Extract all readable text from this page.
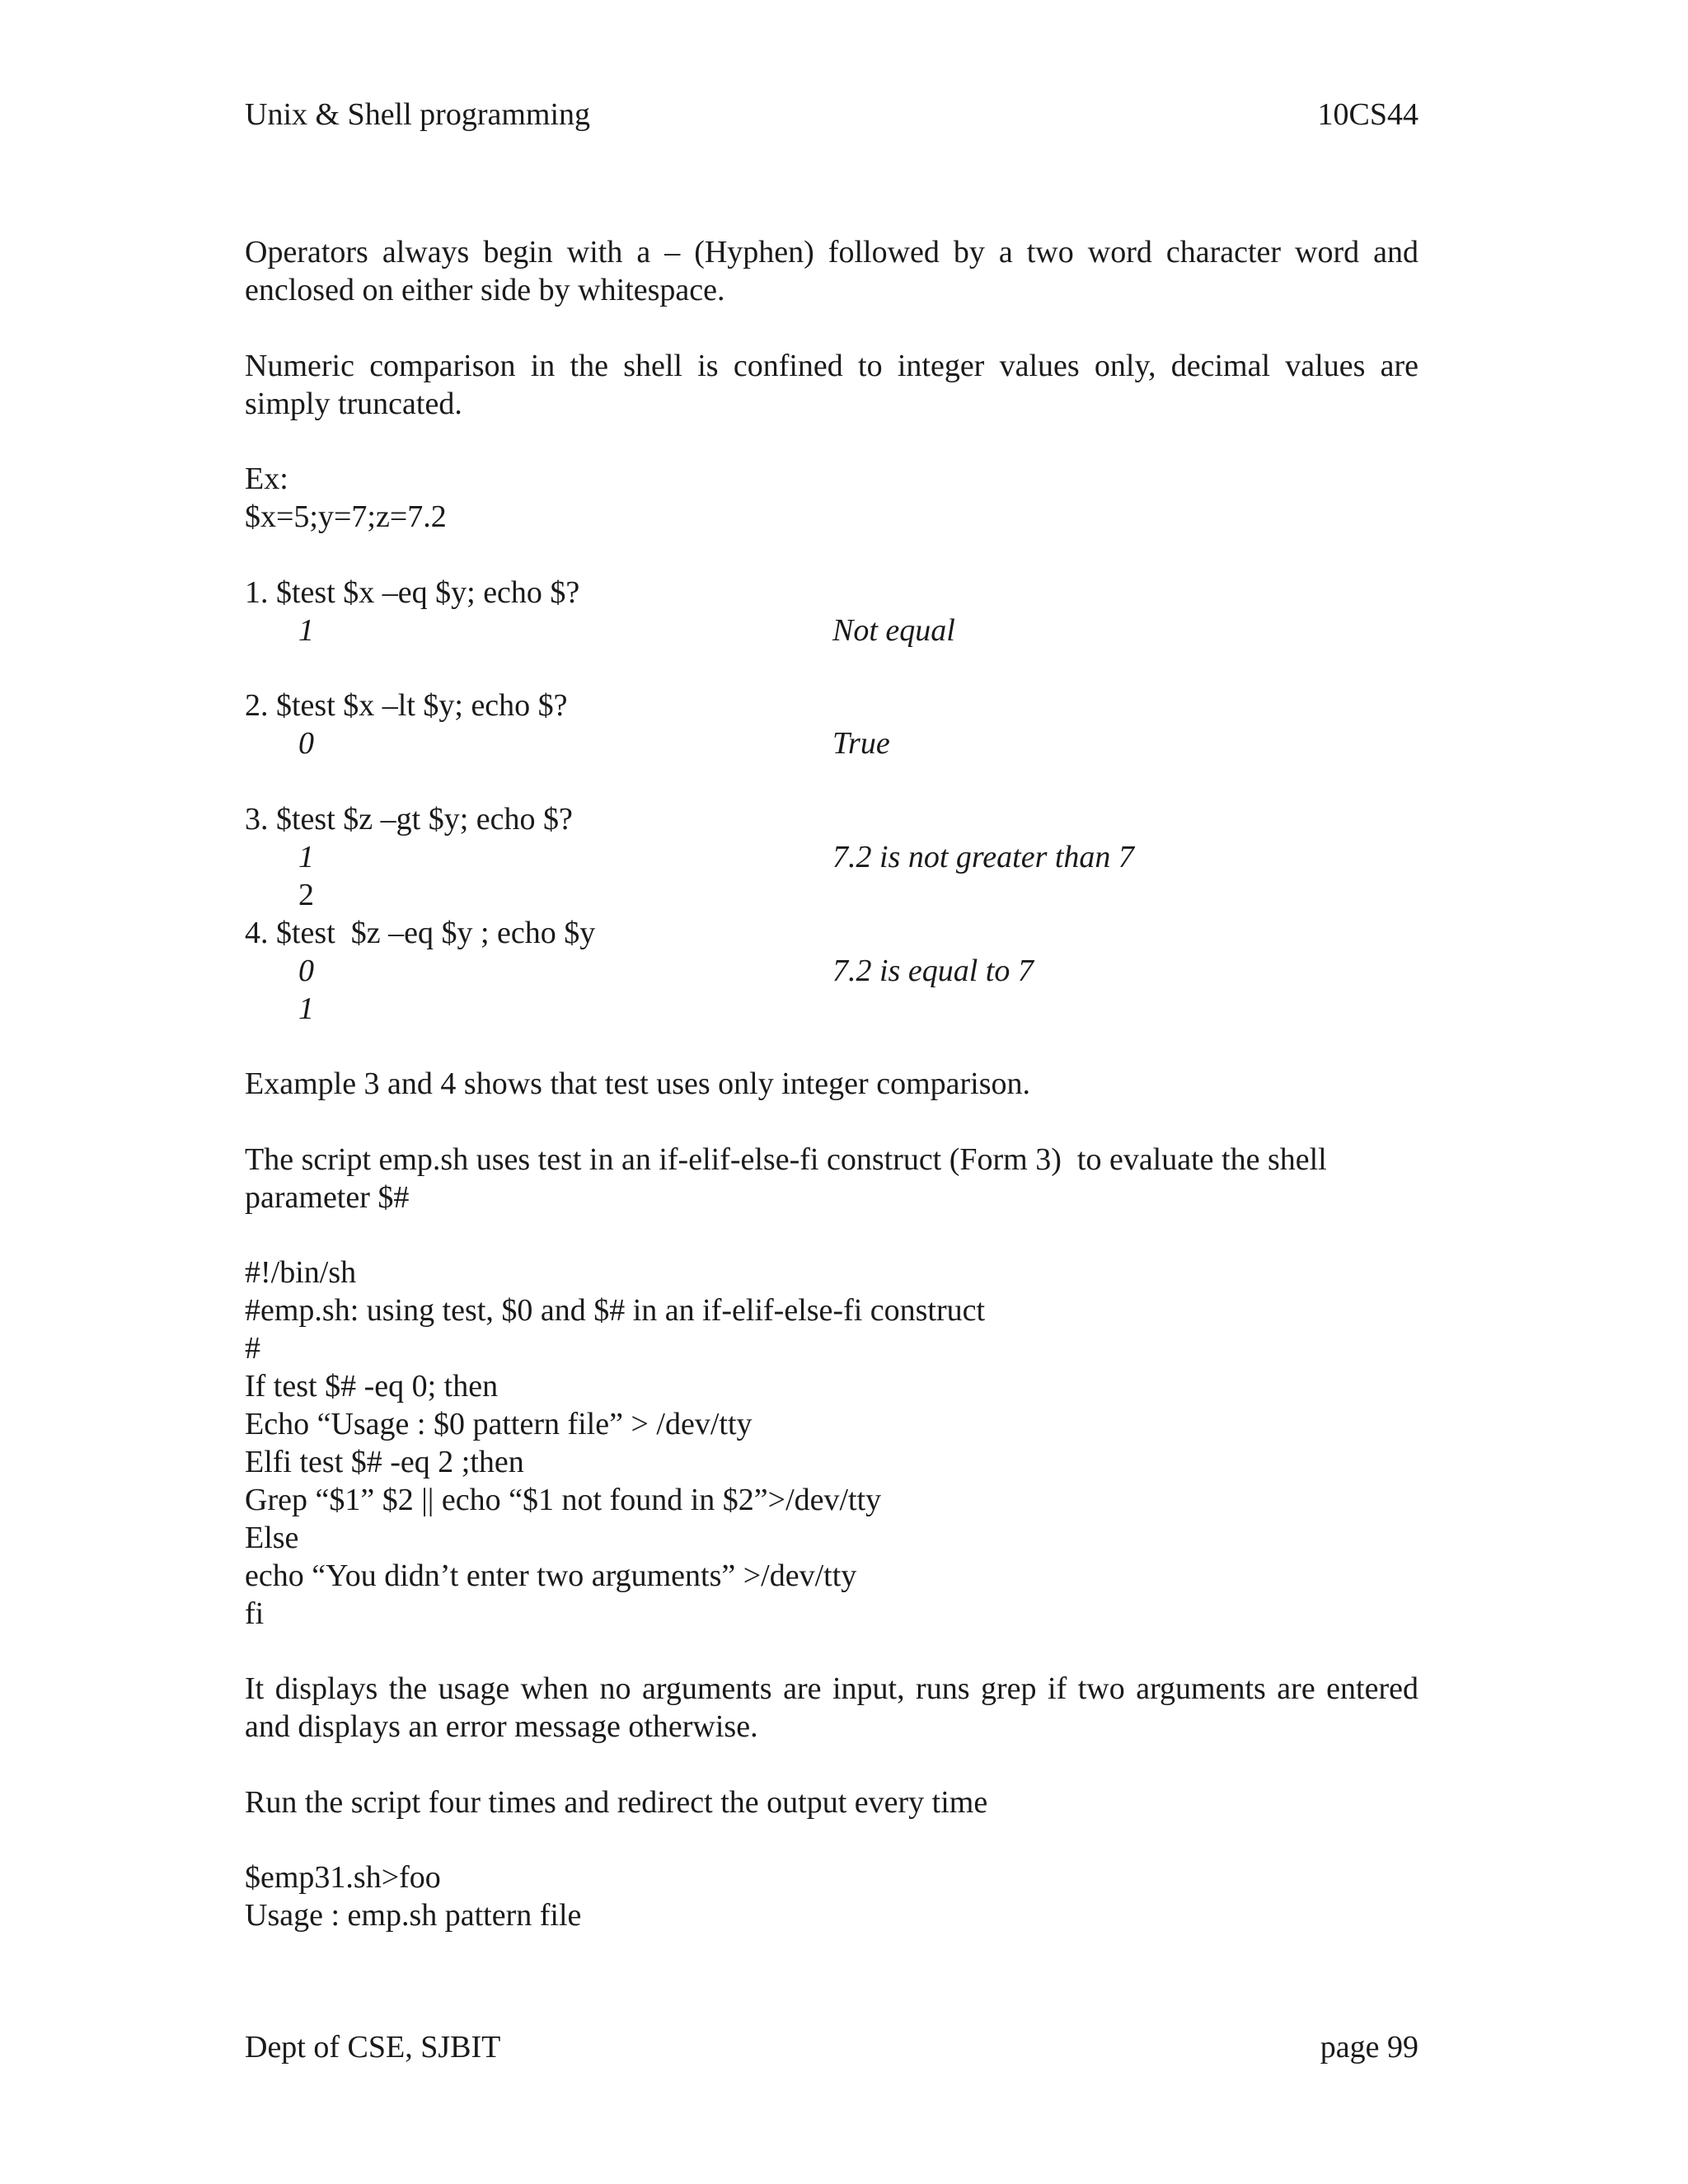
Unix & Shell programming	10CS44
Operators always begin with a – (Hyphen) followed by a two word character word and
enclosed on either side by whitespace.
Numeric comparison in the shell is confined to integer values only, decimal values are
simply truncated.
Ex:
$x=5;y=7;z=7.2
1. $test $x –eq $y; echo $?
1	Not equal
2. $test $x –lt $y; echo $?
0	True
3. $test $z –gt $y; echo $?
1	7.2 is not greater than 7
2
4. $test  $z –eq $y ; echo $y
0	7.2 is equal to 7
1
Example 3 and 4 shows that test uses only integer comparison.
The script emp.sh uses test in an if-elif-else-fi construct (Form 3)  to evaluate the shell
parameter $#
#!/bin/sh
#emp.sh: using test, $0 and $# in an if-elif-else-fi construct
#
If test $# -eq 0; then
Echo “Usage : $0 pattern file” > /dev/tty
Elfi test $# -eq 2 ;then
Grep “$1” $2 || echo “$1 not found in $2”>/dev/tty
Else
echo “You didn’t enter two arguments” >/dev/tty
fi
It displays the usage when no arguments are input, runs grep if two arguments are entered
and displays an error message otherwise.
Run the script four times and redirect the output every time
$emp31.sh>foo
Usage : emp.sh pattern file
Dept of CSE, SJBIT	page 99
